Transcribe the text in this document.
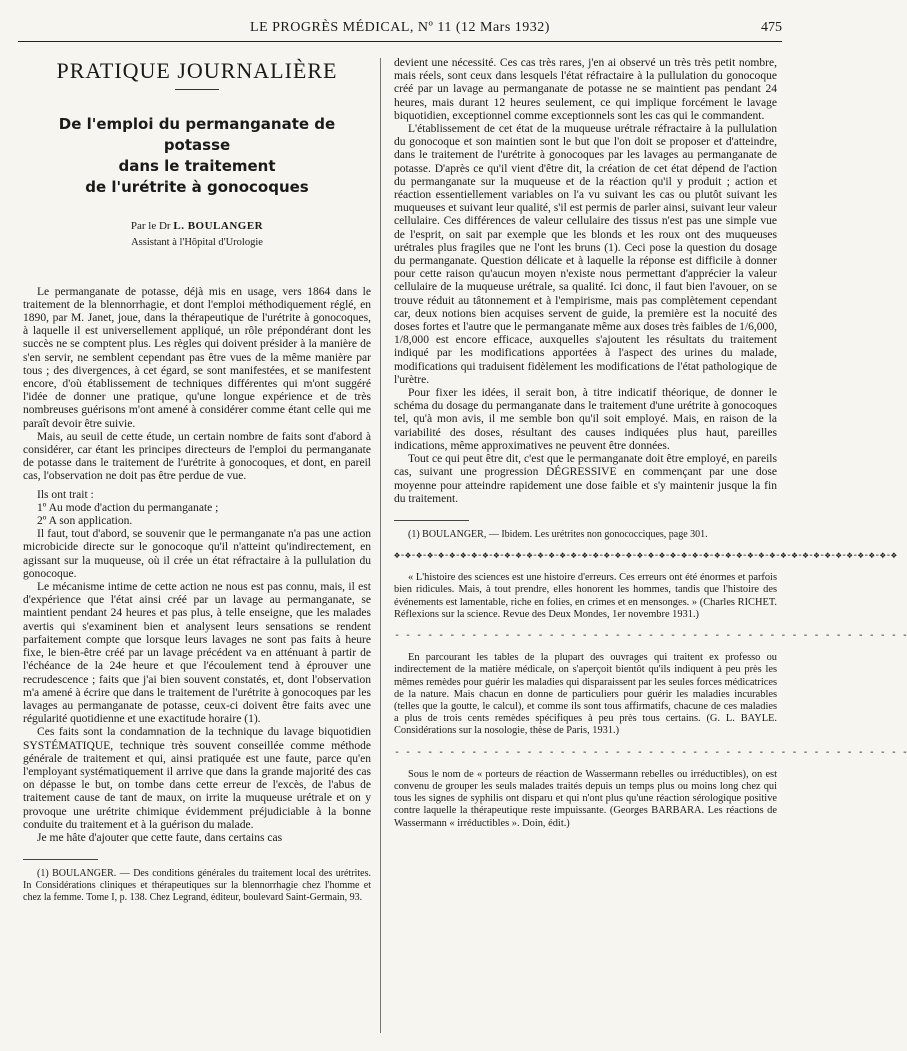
LE PROGRÈS MÉDICAL, Nº 11 (12 Mars 1932)	475
PRATIQUE JOURNALIÈRE
De l'emploi du permanganate de potasse
dans le traitement
de l'urétrite à gonocoques
Par le Dr L. BOULANGER
Assistant à l'Hôpital d'Urologie

Le permanganate de potasse, déjà mis en usage, vers 1864 dans le traitement de la blennorrhagie, et dont l'emploi méthodiquement réglé, en 1890, par M. Janet, joue, dans la thérapeutique de l'urétrite à gonocoques, à laquelle il est universellement appliqué, un rôle prépondérant dont les succès ne se comptent plus. Les règles qui doivent présider à la manière de s'en servir, ne semblent cependant pas être vues de la même manière par tous ; des divergences, à cet égard, se sont manifestées, et se manifestent encore, d'où établissement de techniques différentes qui m'ont suggéré l'idée de donner une pratique, qu'une longue expérience et de très nombreuses guérisons m'ont amené à considérer comme étant celle qui me paraît devoir être suivie.

Mais, au seuil de cette étude, un certain nombre de faits sont d'abord à considérer, car étant les principes directeurs de l'emploi du permanganate de potasse dans le traitement de l'urétrite à gonocoques, et dont, en pareil cas, l'observation ne doit pas être perdue de vue.

Ils ont trait :

1º Au mode d'action du permanganate ;

2º A son application.

Il faut, tout d'abord, se souvenir que le permanganate n'a pas une action microbicide directe sur le gonocoque qu'il n'atteint qu'indirectement, en agissant sur la muqueuse, où il crée un état réfractaire à la pullulation du gonocoque.

Le mécanisme intime de cette action ne nous est pas connu, mais, il est d'expérience que l'état ainsi créé par un lavage au permanganate, se maintient pendant 24 heures et pas plus, à telle enseigne, que les malades avertis qui s'examinent bien et analysent leurs sensations se rendent parfaitement compte que lorsque leurs lavages ne sont pas faits à heure fixe, le bien-être créé par un lavage précédent va en atténuant à partir de l'échéance de la 24e heure et que l'écoulement tend à éprouver une recrudescence ; faits que j'ai bien souvent constatés, et, dont l'observation m'a amené à écrire que dans le traitement de l'urétrite à gonocoques par les lavages au permanganate de potasse, ceux-ci doivent être faits avec une régularité quotidienne et une exactitude horaire (1).

Ces faits sont la condamnation de la technique du lavage biquotidien SYSTÉMATIQUE, technique très souvent conseillée comme méthode générale de traitement et qui, ainsi pratiquée est une faute, parce qu'en l'employant systématiquement il arrive que dans la grande majorité des cas on dépasse le but, on tombe dans cette erreur de l'excès, de l'abus de traitement cause de tant de maux, on irrite la muqueuse urétrale et on y provoque une urétrite chimique évidemment préjudiciable à la bonne conduite du traitement et à la guérison du malade.

Je me hâte d'ajouter que cette faute, dans certains cas

(1) BOULANGER. — Des conditions générales du traitement local des urétrites. In Considérations cliniques et thérapeutiques sur la blennorrhagie chez l'homme et chez la femme. Tome I, p. 138. Chez Legrand, éditeur, boulevard Saint-Germain, 93.

devient une nécessité. Ces cas très rares, j'en ai observé un très très petit nombre, mais réels, sont ceux dans lesquels l'état réfractaire à la pullulation du gonocoque créé par un lavage au permanganate de potasse ne se maintient pas pendant 24 heures, mais durant 12 heures seulement, ce qui implique forcément le lavage biquotidien, exceptionnel comme exceptionnels sont les cas qui le commandent.

L'établissement de cet état de la muqueuse urétrale réfractaire à la pullulation du gonocoque et son maintien sont le but que l'on doit se proposer et d'atteindre, dans le traitement de l'urétrite à gonocoques par les lavages au permanganate de potasse. D'après ce qu'il vient d'être dit, la création de cet état dépend de l'action du permanganate sur la muqueuse et de la réaction qu'il y produit ; action et réaction essentiellement variables on l'a vu suivant les cas ou plutôt suivant les muqueuses et suivant leur qualité, s'il est permis de parler ainsi, suivant leur valeur cellulaire. Ces différences de valeur cellulaire des tissus n'est pas une simple vue de l'esprit, on sait par exemple que les blonds et les roux ont des muqueuses urétrales plus fragiles que ne l'ont les bruns (1). Ceci pose la question du dosage du permanganate. Question délicate et à laquelle la réponse est difficile à donner pour cette raison qu'aucun moyen n'existe nous permettant d'apprécier la valeur cellulaire de la muqueuse urétrale, sa qualité. Ici donc, il faut bien l'avouer, on se trouve réduit au tâtonnement et à l'empirisme, mais pas complètement cependant car, deux notions bien acquises servent de guide, la première est la nocuité des doses fortes et l'autre que le permanganate même aux doses très faibles de 1/6,000, 1/8,000 est encore efficace, auxquelles s'ajoutent les résultats du traitement indiqué par les modifications apportées à l'aspect des urines du malade, modifications qui traduisent fidèlement les modifications de l'état pathologique de l'urètre.

Pour fixer les idées, il serait bon, à titre indicatif théorique, de donner le schéma du dosage du permanganate dans le traitement d'une urétrite à gonocoques tel, qu'à mon avis, il me semble bon qu'il soit employé. Mais, en raison de la variabilité des doses, résultant des causes indiquées plus haut, pareilles indications, même approximatives ne peuvent être données.

Tout ce qui peut être dit, c'est que le permanganate doit être employé, en pareils cas, suivant une progression DÉGRESSIVE en commençant par une dose moyenne pour atteindre rapidement une dose faible et s'y maintenir jusque la fin du traitement.

(1) BOULANGER, — Ibidem. Les urétrites non gonococciques, page 301.

❖-❖-❖-❖-❖-❖-❖-❖-❖-❖-❖-❖-❖-❖-❖-❖-❖-❖-❖-❖-❖-❖-❖-❖-❖-❖-❖-❖-❖-❖-❖-❖-❖-❖-❖-❖-❖-❖-❖-❖-❖-❖-❖-❖-❖-❖

« L'histoire des sciences est une histoire d'erreurs. Ces erreurs ont été énormes et parfois bien ridicules. Mais, à tout prendre, elles honorent les hommes, tandis que l'histoire des événements est lamentable, riche en folies, en crimes et en mensonges. » (Charles RICHET. Réflexions sur la science. Revue des Deux Mondes, 1er novembre 1931.)

- - - - - - - - - - - - - - - - - - - - - - - - - - - - - - - - - - - - - - - - - - - - - - -

En parcourant les tables de la plupart des ouvrages qui traitent ex professo ou indirectement de la matière médicale, on s'aperçoit bientôt qu'ils indiquent à peu près les mêmes remèdes pour guérir les maladies qui disparaissent par les seules forces médicatrices de la nature. Mais chacun en donne de particuliers pour guérir les maladies incurables (telles que la goutte, le calcul), et comme ils sont tous affirmatifs, chacune de ces maladies a plus de trois cents remèdes spécifiques à peu près tous certains. (G. L. BAYLE. Considérations sur la nosologie, thèse de Paris, 1931.)

- - - - - - - - - - - - - - - - - - - - - - - - - - - - - - - - - - - - - - - - - - - - - - -

Sous le nom de « porteurs de réaction de Wassermann rebelles ou irréductibles), on est convenu de grouper les seuls malades traités depuis un temps plus ou moins long chez qui tous les signes de syphilis ont disparu et qui n'ont plus qu'une réaction sérologique positive contre laquelle la thérapeutique reste impuissante. (Georges BARBARA. Les réactions de Wassermann « irréductibles ». Doin, édit.)
